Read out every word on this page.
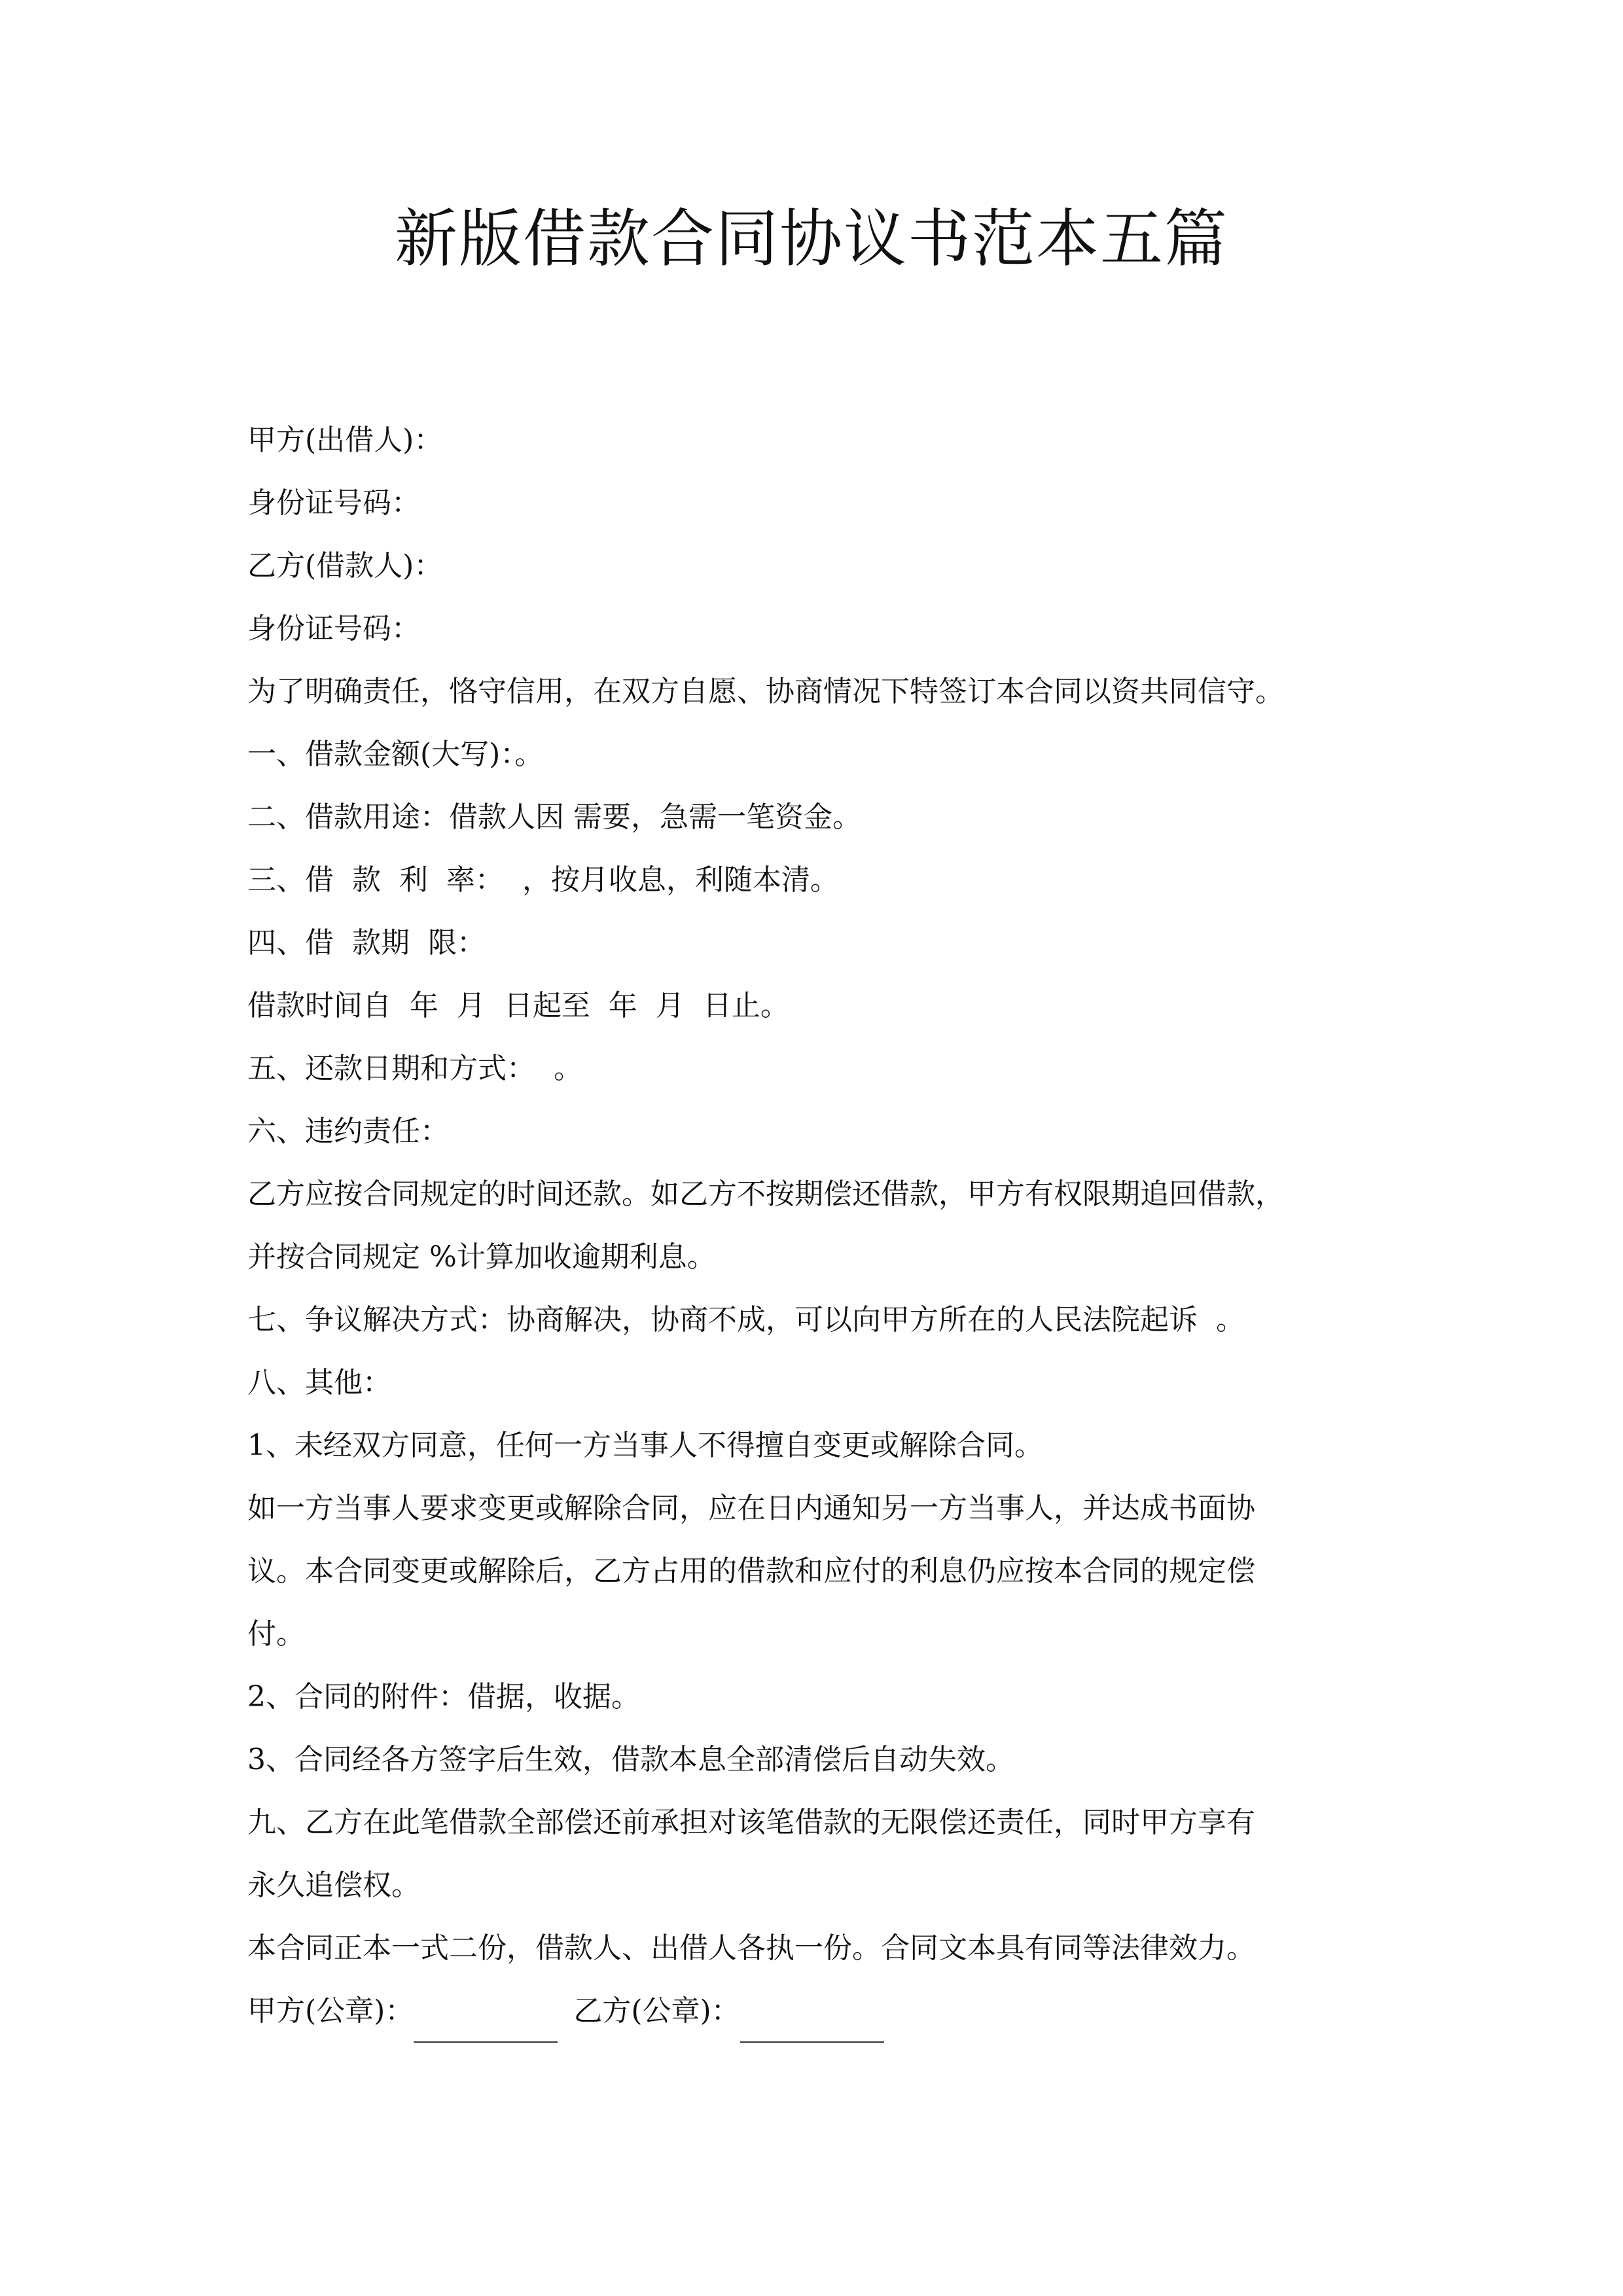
新版借款合同协议书范本五篇
甲方(出借人)：
身份证号码：
乙方(借款人)：
身份证号码：
为了明确责任，恪守信用，在双方自愿、协商情况下特签订本合同以资共同信守。
一、借款金额(大写)：。
二、借款用途：借款人因 需要，急需一笔资金。
三、借  款  利  率：  ，按月收息，利随本清。
四、借  款期  限：
借款时间自  年  月  日起至  年  月  日止。
五、还款日期和方式：  。
六、违约责任：
乙方应按合同规定的时间还款。如乙方不按期偿还借款，甲方有权限期追回借款，
并按合同规定 %计算加收逾期利息。
七、争议解决方式：协商解决，协商不成，可以向甲方所在的人民法院起诉  。
八、其他：
1、未经双方同意，任何一方当事人不得擅自变更或解除合同。
如一方当事人要求变更或解除合同，应在日内通知另一方当事人，并达成书面协
议。本合同变更或解除后，乙方占用的借款和应付的利息仍应按本合同的规定偿
付。
2、合同的附件：借据，收据。
3、合同经各方签字后生效，借款本息全部清偿后自动失效。
九、乙方在此笔借款全部偿还前承担对该笔借款的无限偿还责任，同时甲方享有
永久追偿权。
本合同正本一式二份，借款人、出借人各执一份。合同文本具有同等法律效力。
甲方(公章)：	乙方(公章)：
